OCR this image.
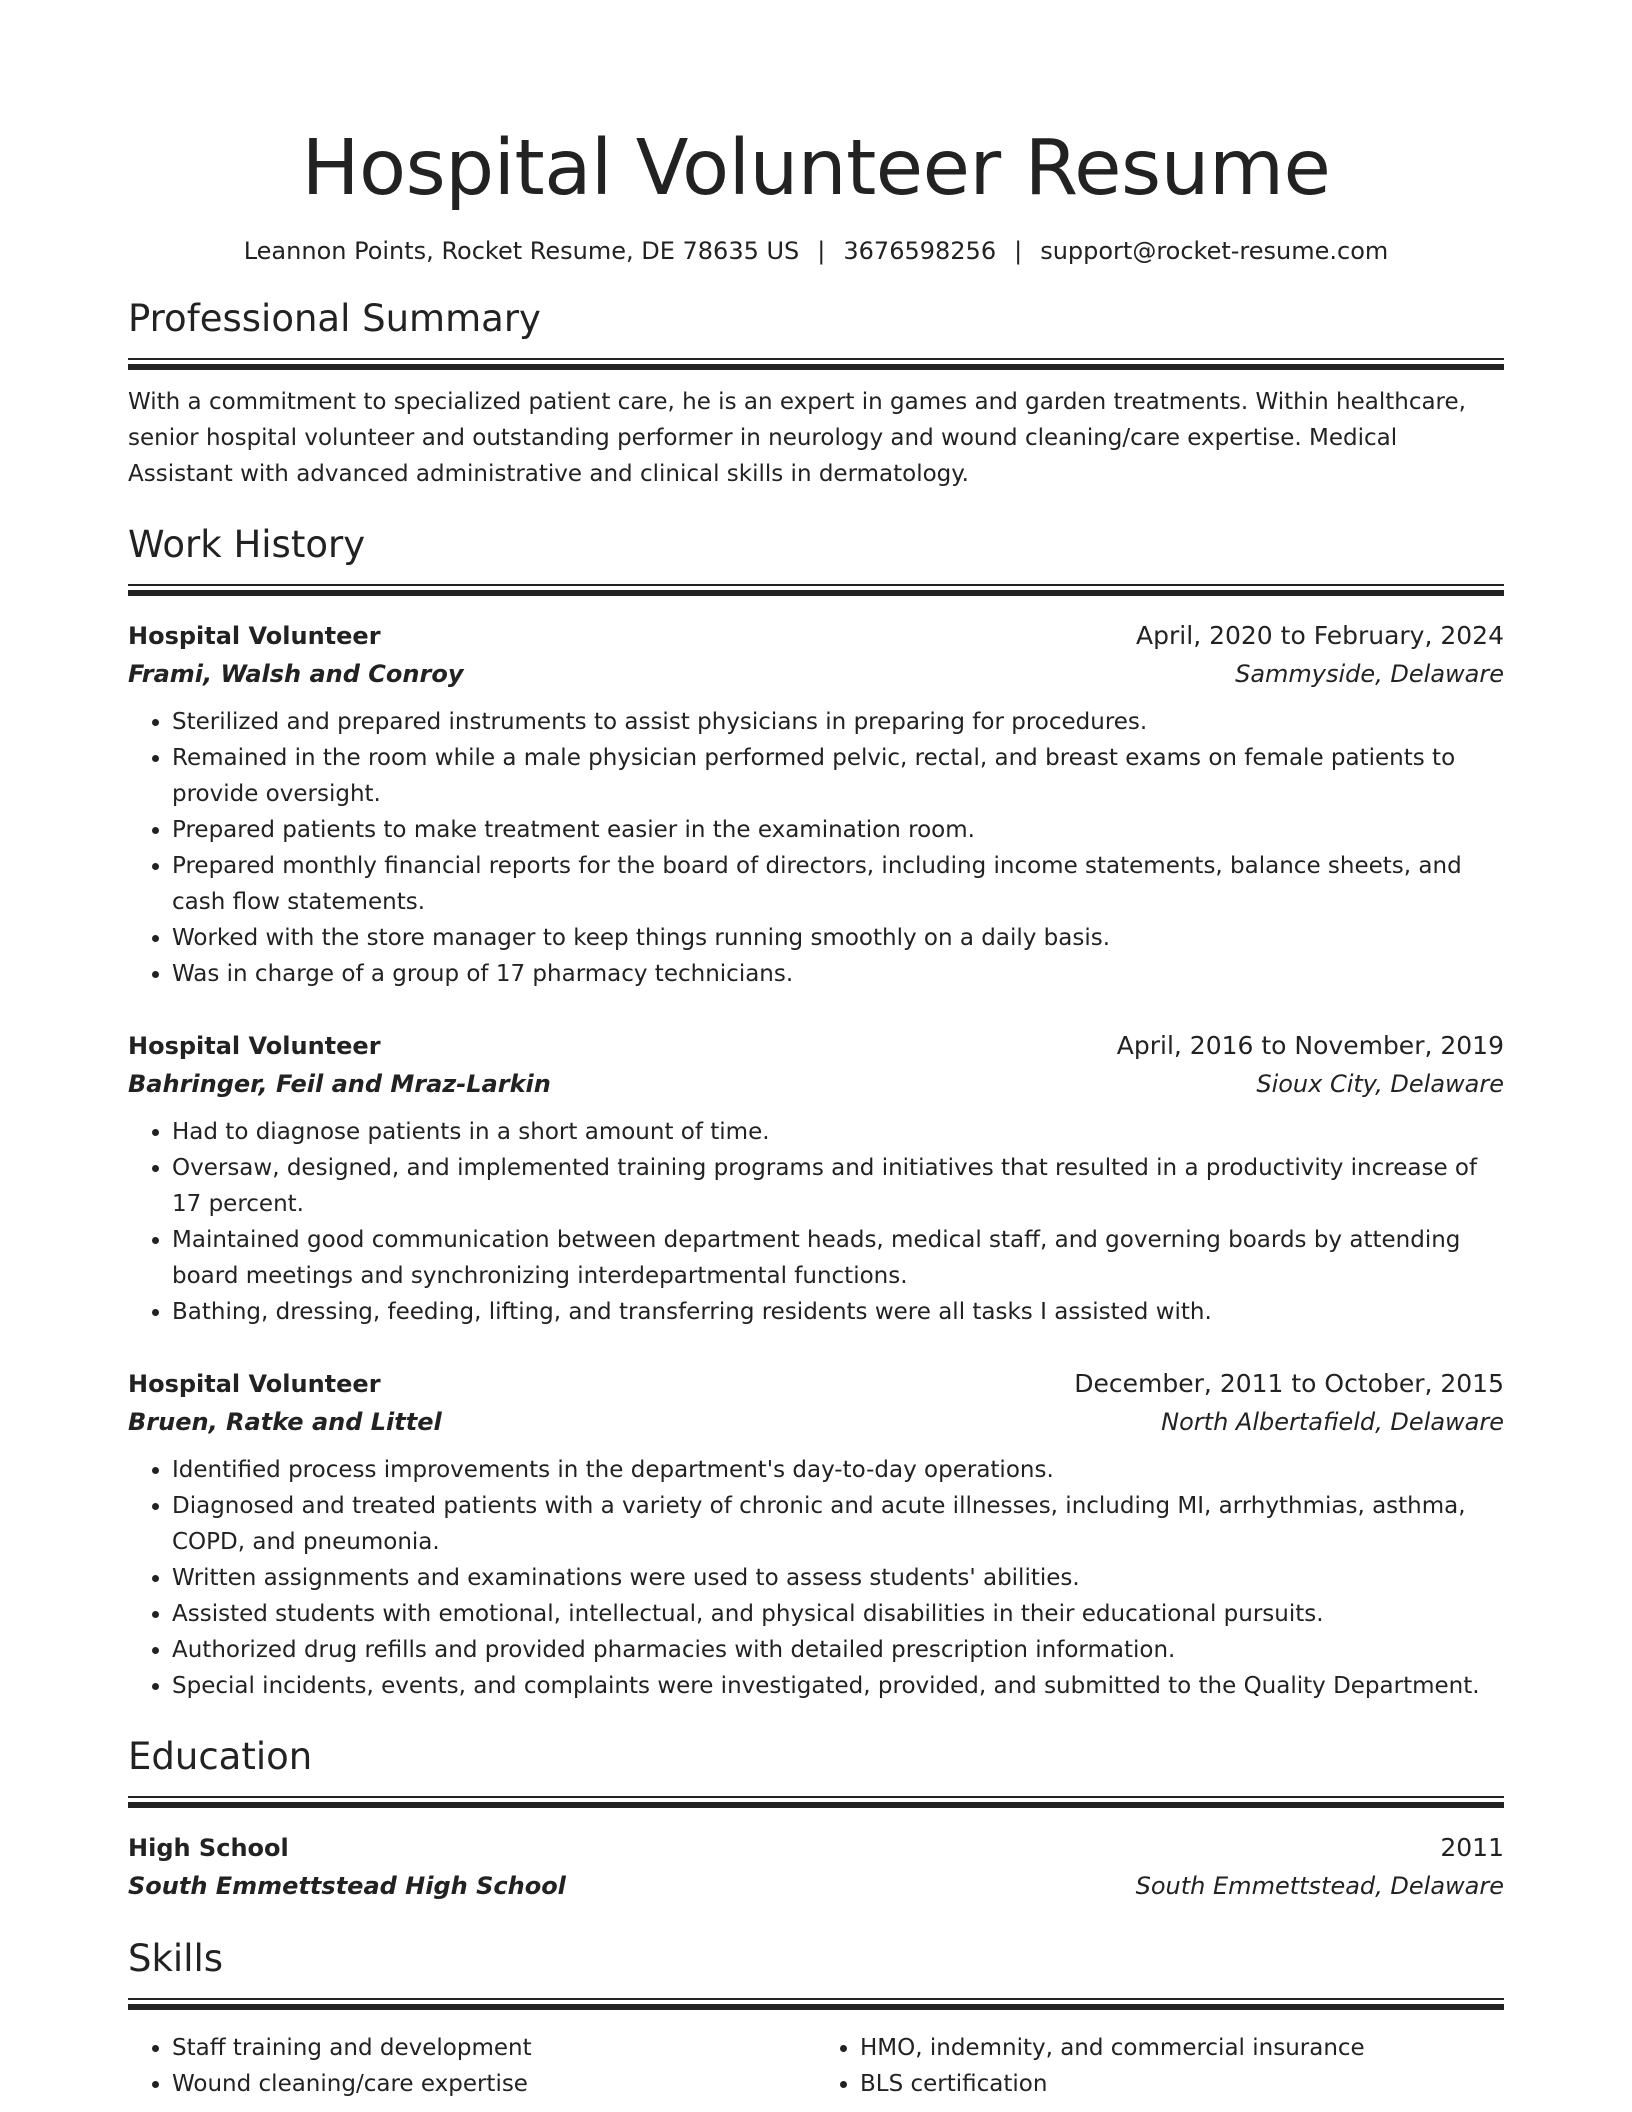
Hospital Volunteer Resume
Leannon Points, Rocket Resume, DE 78635 US | 3676598256 | support@rocket-resume.com
Professional Summary
With a commitment to specialized patient care, he is an expert in games and garden treatments. Within healthcare, senior hospital volunteer and outstanding performer in neurology and wound cleaning/care expertise. Medical Assistant with advanced administrative and clinical skills in dermatology.
Work History
Hospital Volunteer	April, 2020 to February, 2024
Frami, Walsh and Conroy	Sammyside, Delaware
• Sterilized and prepared instruments to assist physicians in preparing for procedures.
• Remained in the room while a male physician performed pelvic, rectal, and breast exams on female patients to provide oversight.
• Prepared patients to make treatment easier in the examination room.
• Prepared monthly financial reports for the board of directors, including income statements, balance sheets, and cash flow statements.
• Worked with the store manager to keep things running smoothly on a daily basis.
• Was in charge of a group of 17 pharmacy technicians.
Hospital Volunteer	April, 2016 to November, 2019
Bahringer, Feil and Mraz-Larkin	Sioux City, Delaware
• Had to diagnose patients in a short amount of time.
• Oversaw, designed, and implemented training programs and initiatives that resulted in a productivity increase of 17 percent.
• Maintained good communication between department heads, medical staff, and governing boards by attending board meetings and synchronizing interdepartmental functions.
• Bathing, dressing, feeding, lifting, and transferring residents were all tasks I assisted with.
Hospital Volunteer	December, 2011 to October, 2015
Bruen, Ratke and Littel	North Albertafield, Delaware
• Identified process improvements in the department's day-to-day operations.
• Diagnosed and treated patients with a variety of chronic and acute illnesses, including MI, arrhythmias, asthma, COPD, and pneumonia.
• Written assignments and examinations were used to assess students' abilities.
• Assisted students with emotional, intellectual, and physical disabilities in their educational pursuits.
• Authorized drug refills and provided pharmacies with detailed prescription information.
• Special incidents, events, and complaints were investigated, provided, and submitted to the Quality Department.
Education
High School	2011
South Emmettstead High School	South Emmettstead, Delaware
Skills
• Staff training and development
• Wound cleaning/care expertise
• HMO, indemnity, and commercial insurance
• BLS certification
